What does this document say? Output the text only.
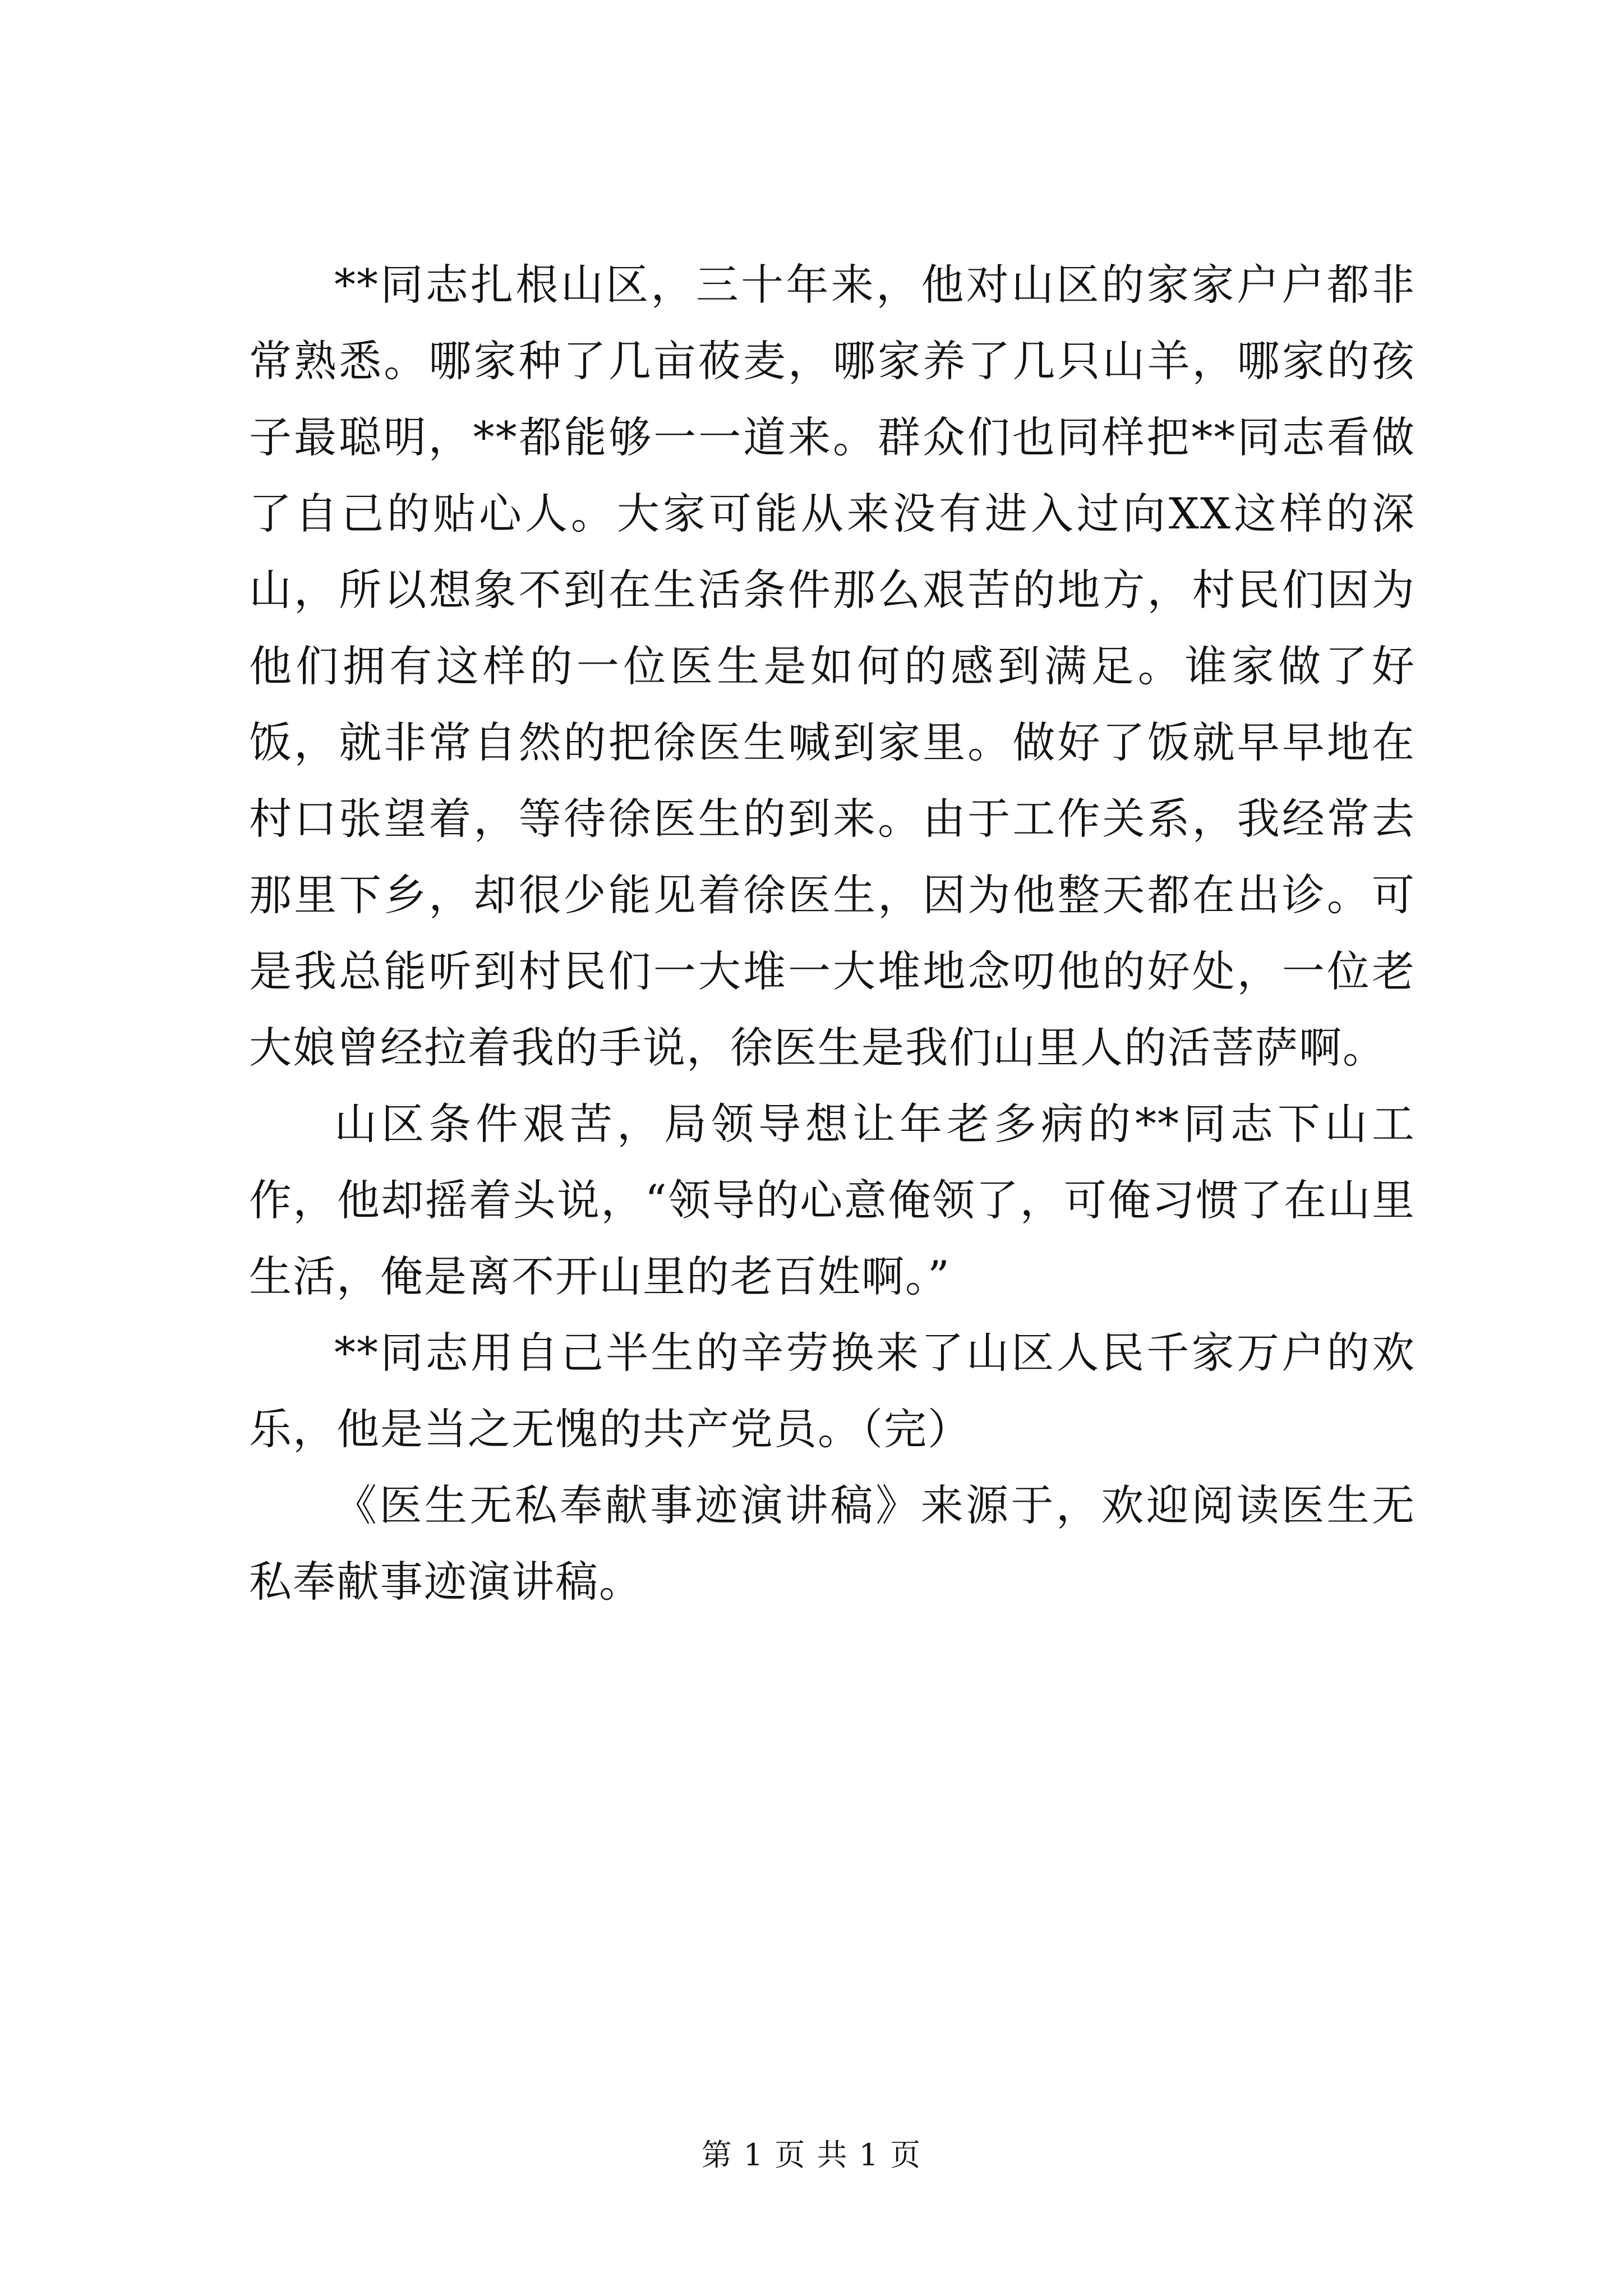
**同志扎根山区，三十年来，他对山区的家家户户都非常熟悉。哪家种了几亩莜麦，哪家养了几只山羊，哪家的孩子最聪明，**都能够一一道来。群众们也同样把**同志看做了自己的贴心人。大家可能从来没有进入过向XX这样的深山，所以想象不到在生活条件那么艰苦的地方，村民们因为他们拥有这样的一位医生是如何的感到满足。谁家做了好饭，就非常自然的把徐医生喊到家里。做好了饭就早早地在村口张望着，等待徐医生的到来。由于工作关系，我经常去那里下乡，却很少能见着徐医生，因为他整天都在出诊。可是我总能听到村民们一大堆一大堆地念叨他的好处，一位老大娘曾经拉着我的手说，徐医生是我们山里人的活菩萨啊。

山区条件艰苦，局领导想让年老多病的**同志下山工作，他却摇着头说，“领导的心意俺领了，可俺习惯了在山里生活，俺是离不开山里的老百姓啊。”

**同志用自己半生的辛劳换来了山区人民千家万户的欢乐，他是当之无愧的共产党员。（完）

《医生无私奉献事迹演讲稿》来源于，欢迎阅读医生无私奉献事迹演讲稿。

第 1 页 共 1 页
